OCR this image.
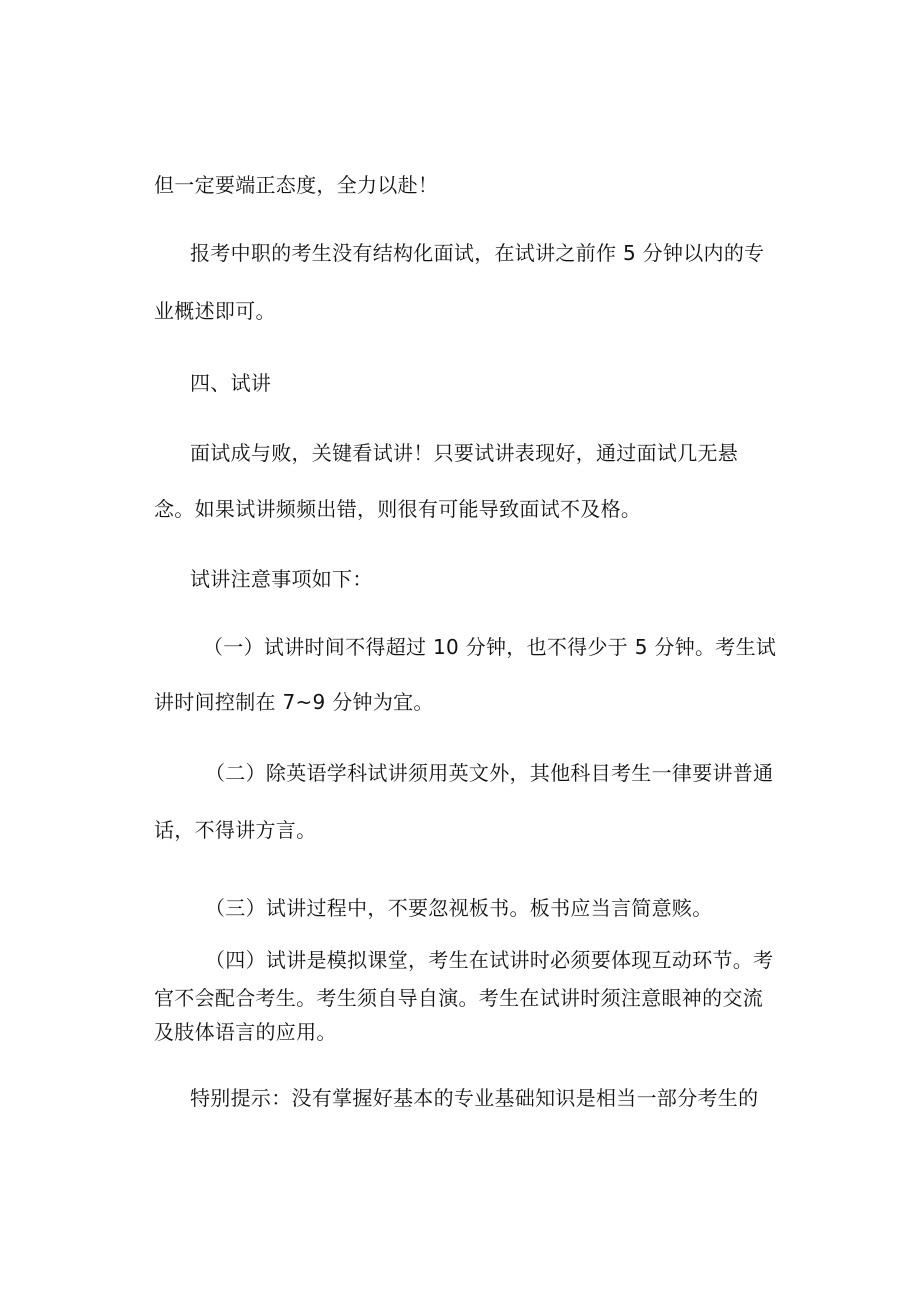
但一定要端正态度，全力以赴！

报考中职的考生没有结构化面试，在试讲之前作 5 分钟以内的专

业概述即可。

四、试讲

面试成与败，关键看试讲！只要试讲表现好，通过面试几无悬

念。如果试讲频频出错，则很有可能导致面试不及格。

试讲注意事项如下：

（一）试讲时间不得超过 10 分钟，也不得少于 5 分钟。考生试

讲时间控制在 7~9 分钟为宜。

（二）除英语学科试讲须用英文外，其他科目考生一律要讲普通

话，不得讲方言。

（三）试讲过程中，不要忽视板书。板书应当言简意赅。

（四）试讲是模拟课堂，考生在试讲时必须要体现互动环节。考

官不会配合考生。考生须自导自演。考生在试讲时须注意眼神的交流

及肢体语言的应用。

特别提示：没有掌握好基本的专业基础知识是相当一部分考生的
